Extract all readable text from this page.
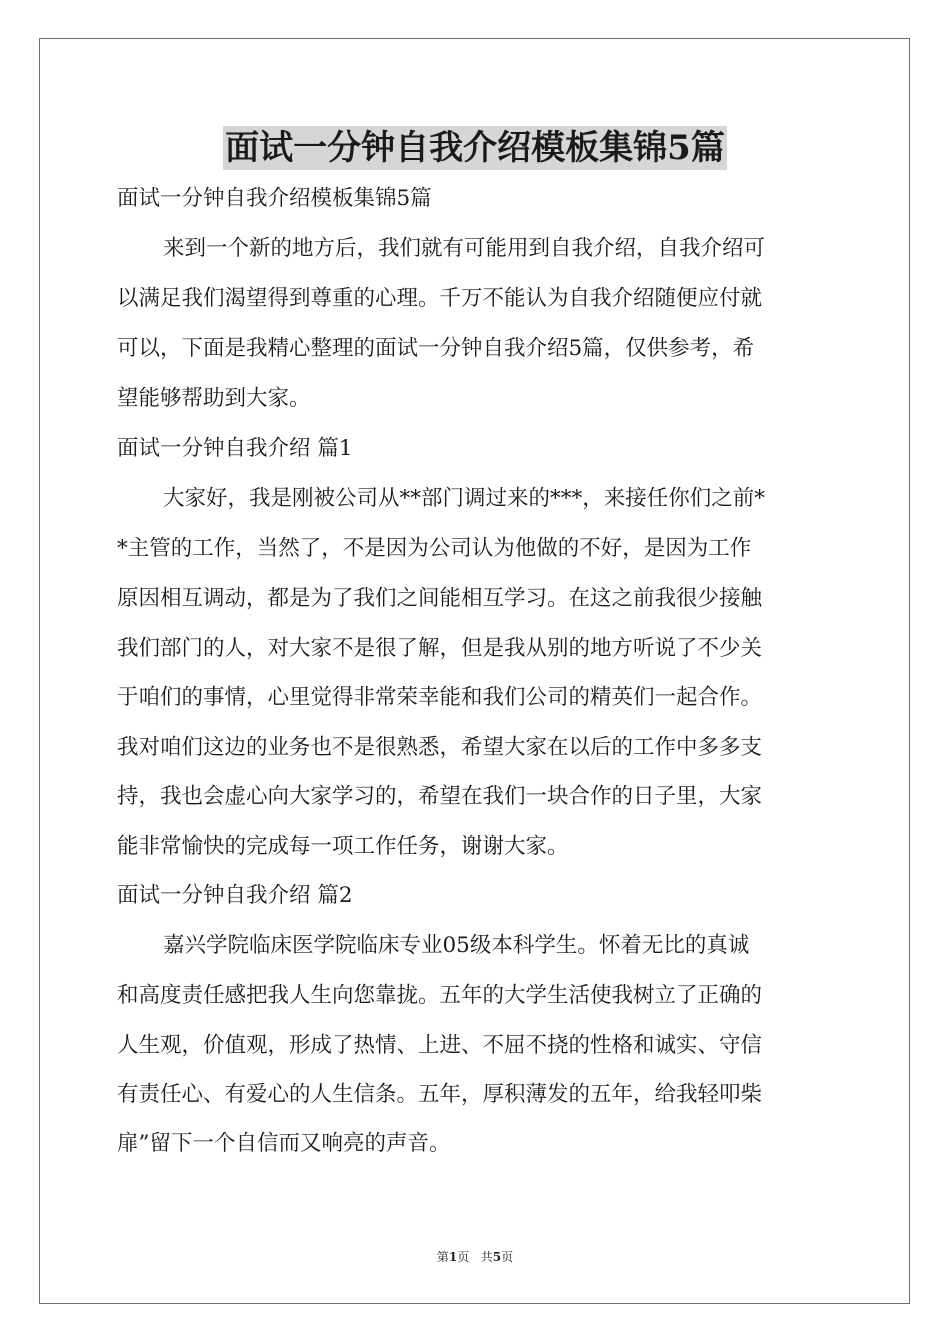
面试一分钟自我介绍模板集锦5篇
面试一分钟自我介绍模板集锦5篇
来到一个新的地方后，我们就有可能用到自我介绍，自我介绍可
以满足我们渴望得到尊重的心理。千万不能认为自我介绍随便应付就
可以，下面是我精心整理的面试一分钟自我介绍5篇，仅供参考，希
望能够帮助到大家。
面试一分钟自我介绍 篇1
大家好，我是刚被公司从**部门调过来的***，来接任你们之前*
*主管的工作，当然了，不是因为公司认为他做的不好，是因为工作
原因相互调动，都是为了我们之间能相互学习。在这之前我很少接触
我们部门的人，对大家不是很了解，但是我从别的地方听说了不少关
于咱们的事情，心里觉得非常荣幸能和我们公司的精英们一起合作。
我对咱们这边的业务也不是很熟悉，希望大家在以后的工作中多多支
持，我也会虚心向大家学习的，希望在我们一块合作的日子里，大家
能非常愉快的完成每一项工作任务，谢谢大家。
面试一分钟自我介绍 篇2
嘉兴学院临床医学院临床专业05级本科学生。怀着无比的真诚
和高度责任感把我人生向您靠拢。五年的大学生活使我树立了正确的
人生观，价值观，形成了热情、上进、不屈不挠的性格和诚实、守信
有责任心、有爱心的人生信条。五年，厚积薄发的五年，给我轻叩柴
扉”留下一个自信而又响亮的声音。
第1页 共5页
